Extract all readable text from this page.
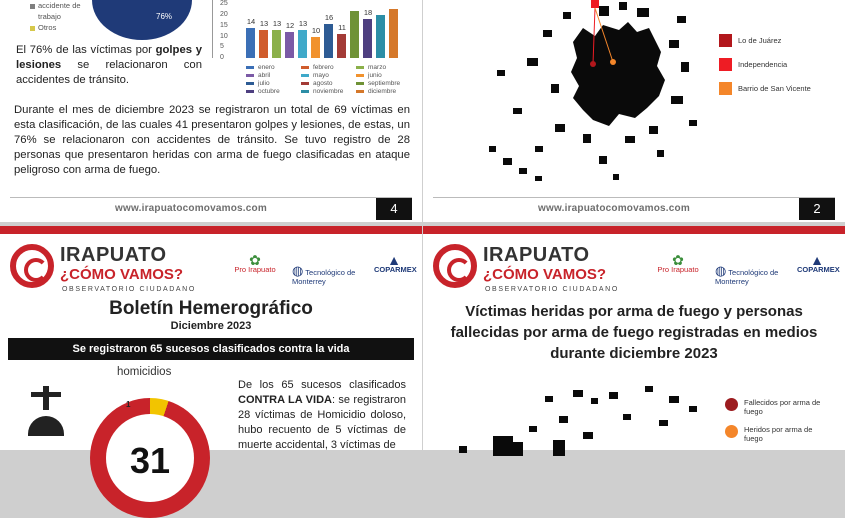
accidente de
trabajo
Otros
76%
El 76% de las víctimas por golpes y lesiones se relacionaron con accidentes de tránsito.
14 13 13 12 13
10
16
11
18
25
20
15
10
5
0
enero	febrero	marzo
abril	mayo	junio
julio	agosto	septiembre
octubre	noviembre	diciembre
Durante el mes de diciembre 2023 se registraron un total de 69 víctimas en esta clasificación, de las cuales 41 presentaron golpes y lesiones, de estas, un 76% se relacionaron con accidentes de tránsito. Se tuvo registro de 28 personas que presentaron heridas con arma de fuego clasificadas en ataque peligroso con arma de fuego.
www.irapuatocomovamos.com	4
Lo de Juárez
Independencia
Barrio de San Vicente
www.irapuatocomovamos.com	2
IRAPUATO
¿CÓMO VAMOS?
OBSERVATORIO CIUDADANO
✿
Pro Irapuato ◍ Tecnológico de Monterrey
▲
COPARMEX
Boletín Hemerográfico
Diciembre 2023
Se registraron 65 sucesos clasificados contra la vida
homicidios
31
1
De los 65 sucesos clasificados CONTRA LA VIDA: se registraron 28 víctimas de Homicidio doloso, hubo recuento de 5 víctimas de muerte accidental, 3 víctimas de
IRAPUATO
¿CÓMO VAMOS?
OBSERVATORIO CIUDADANO
✿
Pro Irapuato ◍ Tecnológico de Monterrey
▲
COPARMEX
Víctimas heridas por arma de fuego y personas fallecidas por arma de fuego registradas en medios durante diciembre 2023
Fallecidos por arma de fuego
Heridos por arma de fuego
